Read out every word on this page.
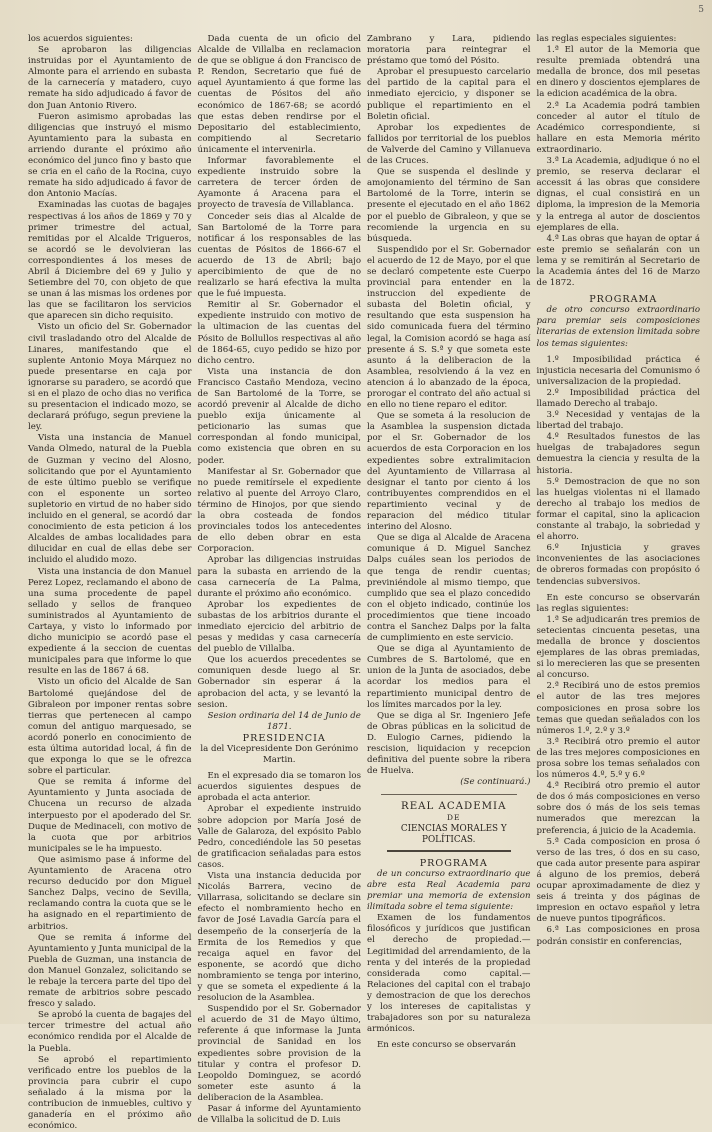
5

los acuerdos siguientes:

Se aprobaron las diligencias instruidas por el Ayuntamiento de Almonte para el arriendo en subasta de la carnecería y matadero, cuyo remate ha sido adjudicado á favor de don Juan Antonio Rivero.

Fueron asimismo aprobadas las diligencias que instruyó el mismo Ayuntamiento para la subasta en arriendo durante el próximo año económico del junco fino y basto que se cria en el caño de la Rocina, cuyo remate ha sido adjudicado á favor de don Antonio Macías.

Examinadas las cuotas de bagajes respectivas á los años de 1869 y 70 y primer trimestre del actual, remitidas por el Alcalde Trigueros, se acordó se le devolvieran las correspondientes á los meses de Abril á Diciembre del 69 y Julio y Setiembre del 70, con objeto de que se unan á las mismas los ordenes por las que se facilitaron los servicios que aparecen sin dicho requisito.

Visto un oficio del Sr. Gobernador civil trasladando otro del Alcalde de Linares, manifestando que el suplente Antonio Moya Márquez no puede presentarse en caja por ignorarse su paradero, se acordó que si en el plazo de ocho dias no verifica su presentacion el indicado mozo, se declarará prófugo, segun previene la ley.

Vista una instancia de Manuel Vanda Olmedo, natural de la Puebla de Guzman y vecino del Alosno, solicitando que por el Ayuntamiento de este último pueblo se verifique con el esponente un sorteo supletorio en virtud de no haber sido incluido en el general, se acordó dar conocimiento de esta peticion á los Alcaldes de ambas localidades para dilucidar en cual de ellas debe ser incluido el aludido mozo.

Vista una instancia de don Manuel Perez Lopez, reclamando el abono de una suma procedente de papel sellado y sellos de franqueo suministrados al Ayuntamiento de Cartaya, y visto lo informado por dicho municipio se acordó pase el expediente á la seccion de cuentas municipales para que informe lo que resulte en las de 1867 á 68.

Visto un oficio del Alcalde de San Bartolomé quejándose del de Gibraleon por imponer rentas sobre tierras que pertenecen al campo comun del antiguo marquesado, se acordó ponerlo en conocimiento de esta última autoridad local, á fin de que exponga lo que se le ofrezca sobre el particular.

Que se remita á informe del Ayuntamiento y Junta asociada de Chucena un recurso de alzada interpuesto por el apoderado del Sr. Duque de Medinaceli, con motivo de la cuota que por arbitrios municipales se le ha impuesto.

Que asimismo pase á informe del Ayuntamiento de Aracena otro recurso deducido por don Miguel Sanchez Dalps, vecino de Sevilla, reclamando contra la cuota que se le ha asignado en el repartimiento de arbitrios.

Que se remita á informe del Ayuntamiento y Junta municipal de la Puebla de Guzman, una instancia de don Manuel Gonzalez, solicitando se le rebaje la tercera parte del tipo del remate de arbitrios sobre pescado fresco y salado.

Se aprobó la cuenta de bagajes del tercer trimestre del actual año económico rendida por el Alcalde de la Puebla.

Se aprobó el repartimiento verificado entre los pueblos de la provincia para cubrir el cupo señalado á la misma por la contribucion de inmuebles, cultivo y ganadería en el próximo año económico.

Dada cuenta de un oficio del Alcalde de Villalba en reclamacion de que se obligue á don Francisco de P. Rendon, Secretario que fué de aquel Ayuntamiento á que forme las cuentas de Pósitos del año económico de 1867-68; se acordó que estas deben rendirse por el Depositario del establecimiento, compitiendo al Secretario únicamente el intervenirla.

Informar favorablemente el expediente instruido sobre la carretera de tercer órden de Ayamonte á Aracena para el proyecto de travesía de Villablanca.

Conceder seis dias al Alcalde de San Bartolomé de la Torre para notificar á los responsables de las cuentas de Pósitos de 1866-67 el acuerdo de 13 de Abril; bajo apercibimiento de que de no realizarlo se hará efectiva la multa que le fué impuesta.

Remitir al Sr. Gobernador el expediente instruido con motivo de la ultimacion de las cuentas del Pósito de Bollullos respectivas al año de 1864-65, cuyo pedido se hizo por dicho centro.

Vista una instancia de don Francisco Castaño Mendoza, vecino de San Bartolomé de la Torre, se acordó prevenir al Alcalde de dicho pueblo exija únicamente al peticionario las sumas que correspondan al fondo municipal, como existencia que obren en su poder.

Manifestar al Sr. Gobernador que no puede remitírsele el expediente relativo al puente del Arroyo Claro, término de Hinojos, por que siendo la obra costeada de fondos provinciales todos los antecedentes de ello deben obrar en esta Corporacion.

Aprobar las diligencias instruidas para la subasta en arriendo de la casa carnecería de La Palma, durante el próximo año económico.

Aprobar los expedientes de subastas de los arbitrios durante el inmediato ejercicio del arbitrio de pesas y medidas y casa carnecería del pueblo de Villalba.

Que los acuerdos precedentes se comuniquen desde luego al Sr. Gobernador sin esperar á la aprobacion del acta, y se levantó la sesion.

Sesion ordinaria del 14 de Junio de 1871.

PRESIDENCIA

la del Vicepresidente Don Gerónimo Martin.

En el expresado dia se tomaron los acuerdos siguientes despues de aprobada el acta anterior.

Aprobar el expediente instruido sobre adopcion por María José de Valle de Galaroza, del expósito Pablo Pedro, concediéndole las 50 pesetas de gratificacion señaladas para estos casos.

Vista una instancia deducida por Nicolás Barrera, vecino de Villarrasa, solicitando se declare sin efecto el nombramiento hecho en favor de José Lavadia García para el desempeño de la conserjería de la Ermita de los Remedios y que recaiga aquel en favor del esponente, se acordó que dicho nombramiento se tenga por interino, y que se someta el expediente á la resolucion de la Asamblea.

Suspendido por el Sr. Gobernador el acuerdo de 31 de Mayo último, referente á que informase la Junta provincial de Sanidad en los expedientes sobre provision de la titular y contra el profesor D. Leopoldo Dominguez, se acordó someter este asunto á la deliberacion de la Asamblea.

Pasar á informe del Ayuntamiento de Villalba la solicitud de D. Luis

Zambrano y Lara, pidiendo moratoria para reintegrar el préstamo que tomó del Pósito.

Aprobar el presupuesto carcelario del partido de la capital para el inmediato ejercicio, y disponer se publique el repartimiento en el Boletin oficial.

Aprobar los expedientes de fallidos por territorial de los pueblos de Valverde del Camino y Villanueva de las Cruces.

Que se suspenda el deslinde y amojonamiento del término de San Bartolomé de la Torre, interin se presente el ejecutado en el año 1862 por el pueblo de Gibraleon, y que se recomiende la urgencia en su búsqueda.

Suspendido por el Sr. Gobernador el acuerdo de 12 de Mayo, por el que se declaró competente este Cuerpo provincial para entender en la instruccion del expediente de subasta del Boletin oficial, y resultando que esta suspension ha sido comunicada fuera del término legal, la Comision acordó se haga así presente á S. S.ª y que someta este asunto á la deliberacion de la Asamblea, resolviendo á la vez en atencion á lo abanzado de la época, prorogar el contrato del año actual si en ello no tiene reparo el editor.

Que se someta á la resolucion de la Asamblea la suspension dictada por el Sr. Gobernador de los acuerdos de esta Corporacion en los expedientes sobre extralimitacion del Ayuntamiento de Villarrasa al designar el tanto por ciento á los contribuyentes comprendidos en el repartimiento vecinal y de reparacion del médico titular interino del Alosno.

Que se diga al Alcalde de Aracena comunique á D. Miguel Sanchez Dalps cuáles sean los periodos de que tenga de rendir cuentas; previniéndole al mismo tiempo, que cumplido que sea el plazo concedido con el objeto indicado, continúe los procedimientos que tiene incoado contra el Sanchez Dalps por la falta de cumplimiento en este servicio.

Que se diga al Ayuntamiento de Cumbres de S. Bartolomé, que en union de la Junta de asociados, debe acordar los medios para el repartimiento municipal dentro de los límites marcados por la ley.

Que se diga al Sr. Ingeniero Jefe de Obras públicas en la solicitud de D. Eulogio Carnes, pidiendo la rescision, liquidacion y recepcion definitiva del puente sobre la ribera de Huelva.

(Se continuará.)

REAL ACADEMIA

DE

CIENCIAS MORALES Y POLÍTICAS.

PROGRAMA

de un concurso extraordinario que abre esta Real Academia para premiar una memoria de extension ilimitada sobre el tema siguiente:

Examen de los fundamentos filosóficos y jurídicos que justifican el derecho de propiedad.—Legitimidad del arrendamiento, de la renta y del interés de la propiedad considerada como capital.—Relaciones del capital con el trabajo y demostracion de que los derechos y los intereses de capitalistas y trabajadores son por su naturaleza armónicos.

En este concurso se observarán

las reglas especiales siguientes:

1.ª El autor de la Memoria que resulte premiada obtendrá una medalla de bronce, dos mil pesetas en dinero y doscientos ejemplares de la edicion académica de la obra.

2.ª La Academia podrá tambien conceder al autor el título de Académico correspondiente, si hallare en esta Memoria mérito extraordinario.

3.ª La Academia, adjudique ó no el premio, se reserva declarar el accessit á las obras que considere dignas, el cual consistirá en un diploma, la impresion de la Memoria y la entrega al autor de doscientos ejemplares de ella.

4.ª Las obras que hayan de optar á este premio se señalarán con un lema y se remitirán al Secretario de la Academia ántes del 16 de Marzo de 1872.

PROGRAMA

de otro concurso extraordinario para premiar seis composiciones literarias de extension limitada sobre los temas siguientes:

1.º Imposibilidad práctica é injusticia necesaria del Comunismo ó universalizacion de la propiedad.

2.º Imposibilidad práctica del llamado Derecho al trabajo.

3.º Necesidad y ventajas de la libertad del trabajo.

4.º Resultados funestos de las huelgas de trabajadores segun demuestra la ciencia y resulta de la historia.

5.º Demostracion de que no son las huelgas violentas ni el llamado derecho al trabajo los medios de formar el capital, sino la aplicacion constante al trabajo, la sobriedad y el ahorro.

6.º Injusticia y graves inconvenientes de las asociaciones de obreros formadas con propósito ó tendencias subversivos.

En este concurso se observarán las reglas siguientes:

1.ª Se adjudicarán tres premios de setecientas cincuenta pesetas, una medalla de bronce y doscientos ejemplares de las obras premiadas, si lo merecieren las que se presenten al concurso.

2.ª Recibirá uno de estos premios el autor de las tres mejores composiciones en prosa sobre los temas que quedan señalados con los números 1.º, 2.º y 3.º

3.ª Recibirá otro premio el autor de las tres mejores composiciones en prosa sobre los temas señalados con los números 4.º, 5.º y 6.º

4.ª Recibirá otro premio el autor de dos ó más composiciones en verso sobre dos ó más de los seis temas numerados que merezcan la preferencia, á juicio de la Academia.

5.ª Cada composicion en prosa ó verso de las tres, ó dos en su caso, que cada autor presente para aspirar á alguno de los premios, deberá ocupar aproximadamente de diez y seis á treinta y dos páginas de impresion en octavo español y letra de nueve puntos tipográficos.

6.ª Las composiciones en prosa podrán consistir en conferencias,
